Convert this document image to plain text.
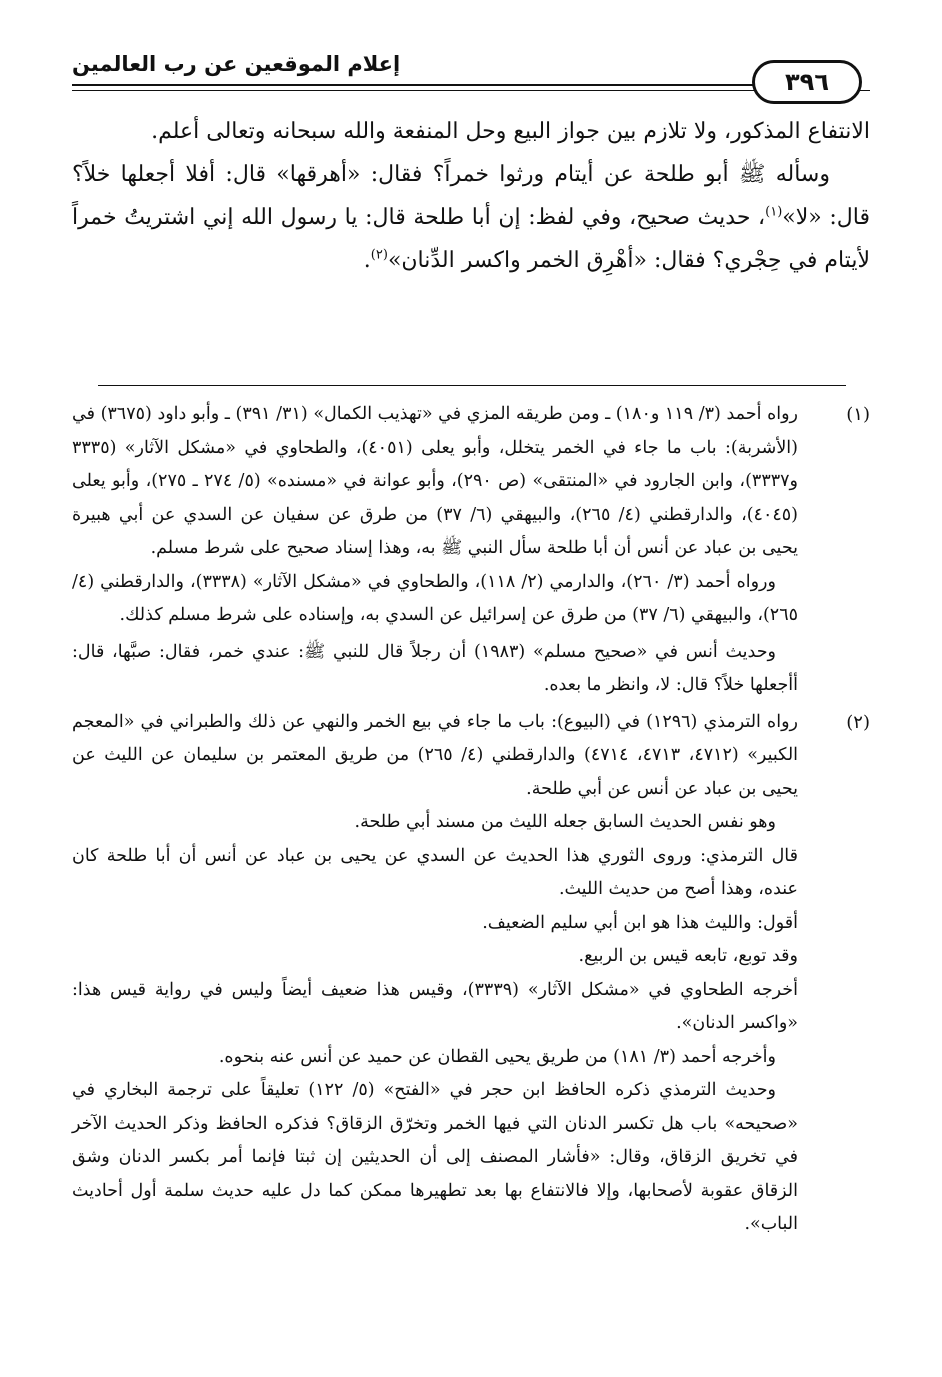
٣٩٦
إعلام الموقعين عن رب العالمين

الانتفاع المذكور، ولا تلازم بين جواز البيع وحل المنفعة والله سبحانه وتعالى أعلم.

وسأله ﷺ أبو طلحة عن أيتام ورثوا خمراً؟ فقال: «أهرقها» قال: أفلا أجعلها خلاً؟ قال: «لا»$^{(١)}$، حديث صحيح، وفي لفظ: إن أبا طلحة قال: يا رسول الله إني اشتريتُ خمراً لأيتام في حِجْري؟ فقال: «أهْرِق الخمر واكسر الدِّنان»$^{(٢)}$.

(١)

رواه أحمد (٣/ ١١٩ و١٨٠) ـ ومن طريقه المزي في «تهذيب الكمال» (٣١/ ٣٩١) ـ وأبو داود (٣٦٧٥) في (الأشربة): باب ما جاء في الخمر يتخلل، وأبو يعلى (٤٠٥١)، والطحاوي في «مشكل الآثار» (٣٣٣٥ و٣٣٣٧)، وابن الجارود في «المنتقى» (ص ٢٩٠)، وأبو عوانة في «مسنده» (٥/ ٢٧٤ ـ ٢٧٥)، وأبو يعلى (٤٠٤٥)، والدارقطني (٤/ ٢٦٥)، والبيهقي (٦/ ٣٧) من طرق عن سفيان عن السدي عن أبي هبيرة يحيى بن عباد عن أنس أن أبا طلحة سأل النبي ﷺ به، وهذا إسناد صحيح على شرط مسلم.

ورواه أحمد (٣/ ٢٦٠)، والدارمي (٢/ ١١٨)، والطحاوي في «مشكل الآثار» (٣٣٣٨)، والدارقطني (٤/ ٢٦٥)، والبيهقي (٦/ ٣٧) من طرق عن إسرائيل عن السدي به، وإسناده على شرط مسلم كذلك.

وحديث أنس في «صحيح مسلم» (١٩٨٣) أن رجلاً قال للنبي ﷺ: عندي خمر، فقال: صبَّها، قال: أأجعلها خلاً؟ قال: لا، وانظر ما بعده.

(٢)

رواه الترمذي (١٢٩٦) في (البيوع): باب ما جاء في بيع الخمر والنهي عن ذلك والطبراني في «المعجم الكبير» (٤٧١٢، ٤٧١٣، ٤٧١٤) والدارقطني (٤/ ٢٦٥) من طريق المعتمر بن سليمان عن الليث عن يحيى بن عباد عن أنس عن أبي طلحة.

وهو نفس الحديث السابق جعله الليث من مسند أبي طلحة.

قال الترمذي: وروى الثوري هذا الحديث عن السدي عن يحيى بن عباد عن أنس أن أبا طلحة كان عنده، وهذا أصح من حديث الليث.

أقول: والليث هذا هو ابن أبي سليم الضعيف.

وقد توبع، تابعه قيس بن الربيع.

أخرجه الطحاوي في «مشكل الآثار» (٣٣٣٩)، وقيس هذا ضعيف أيضاً وليس في رواية قيس هذا: «واكسر الدنان».

وأخرجه أحمد (٣/ ١٨١) من طريق يحيى القطان عن حميد عن أنس عنه بنحوه.

وحديث الترمذي ذكره الحافظ ابن حجر في «الفتح» (٥/ ١٢٢) تعليقاً على ترجمة البخاري في «صحيحه» باب هل تكسر الدنان التي فيها الخمر وتخرّق الزقاق؟ فذكره الحافظ وذكر الحديث الآخر في تخريق الزقاق، وقال: «فأشار المصنف إلى أن الحديثين إن ثبتا فإنما أمر بكسر الدنان وشق الزقاق عقوبة لأصحابها، وإلا فالانتفاع بها بعد تطهيرها ممكن كما دل عليه حديث سلمة أول أحاديث الباب».
